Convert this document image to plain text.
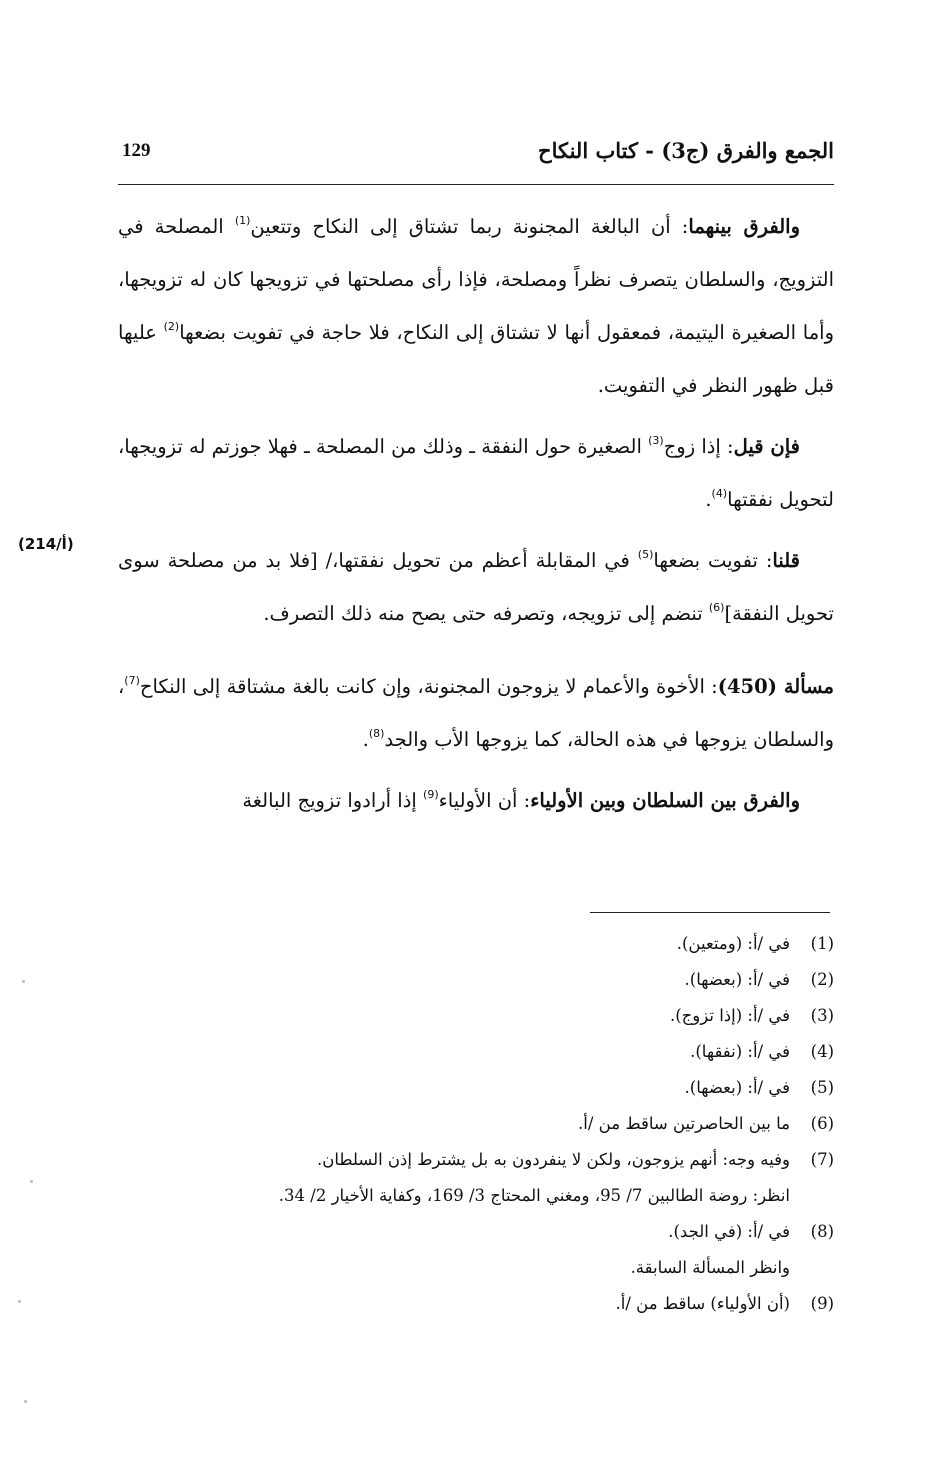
الجمع والفرق (ج3) - كتاب النكاح
129
(214/أ)

والفرق بينهما: أن البالغة المجنونة ربما تشتاق إلى النكاح وتتعين$^{(1)}$ المصلحة في التزويج، والسلطان يتصرف نظراً ومصلحة، فإذا رأى مصلحتها في تزويجها كان له تزويجها، وأما الصغيرة اليتيمة، فمعقول أنها لا تشتاق إلى النكاح، فلا حاجة في تفويت بضعها$^{(2)}$ عليها قبل ظهور النظر في التفويت.

فإن قيل: إذا زوج$^{(3)}$ الصغيرة حول النفقة ـ وذلك من المصلحة ـ فهلا جوزتم له تزويجها، لتحويل نفقتها$^{(4)}$.

قلنا: تفويت بضعها$^{(5)}$ في المقابلة أعظم من تحويل نفقتها،/ [فلا بد من مصلحة سوى تحويل النفقة]$^{(6)}$ تنضم إلى تزويجه، وتصرفه حتى يصح منه ذلك التصرف.

مسألة (450): الأخوة والأعمام لا يزوجون المجنونة، وإن كانت بالغة مشتاقة إلى النكاح$^{(7)}$، والسلطان يزوجها في هذه الحالة، كما يزوجها الأب والجد$^{(8)}$.

والفرق بين السلطان وبين الأولياء: أن الأولياء$^{(9)}$ إذا أرادوا تزويج البالغة

(1)
في /أ: (ومتعين).
(2)
في /أ: (بعضها).
(3)
في /أ: (إذا تزوج).
(4)
في /أ: (نفقها).
(5)
في /أ: (بعضها).
(6)
ما بين الحاصرتين ساقط من /أ.
(7)
وفيه وجه: أنهم يزوجون، ولكن لا ينفردون به بل يشترط إذن السلطان.
انظر: روضة الطالبين 7/ 95، ومغني المحتاج 3/ 169، وكفاية الأخيار 2/ 34.
(8)
في /أ: (في الجد).
وانظر المسألة السابقة.
(9)
(أن الأولياء) ساقط من /أ.
